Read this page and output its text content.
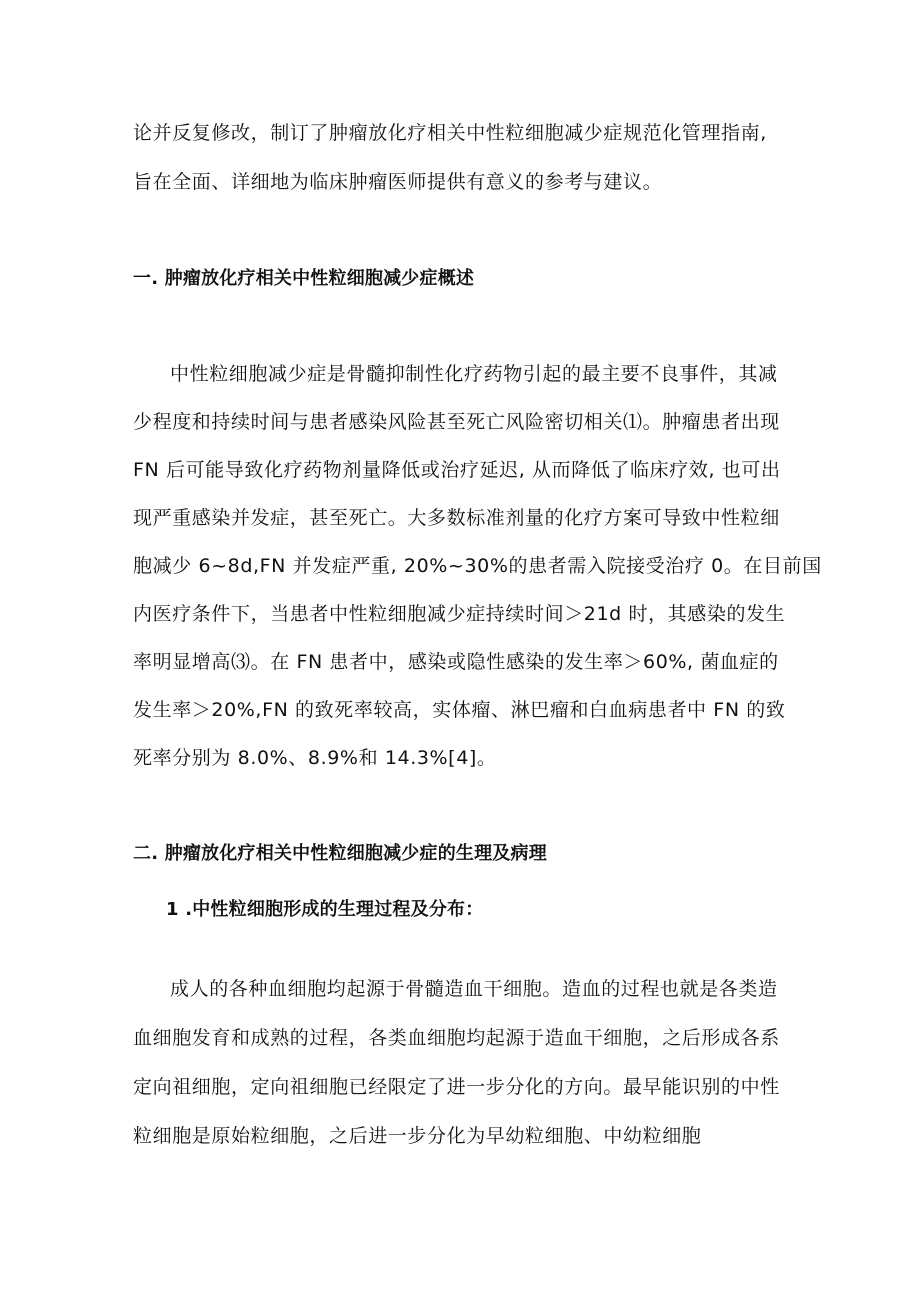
论并反复修改，制订了肿瘤放化疗相关中性粒细胞减少症规范化管理指南,
旨在全面、详细地为临床肿瘤医师提供有意义的参考与建议。
一. 肿瘤放化疗相关中性粒细胞减少症概述
中性粒细胞减少症是骨髓抑制性化疗药物引起的最主要不良事件，其减
少程度和持续时间与患者感染风险甚至死亡风险密切相关⑴。肿瘤患者出现
FN 后可能导致化疗药物剂量降低或治疗延迟, 从而降低了临床疗效, 也可出
现严重感染并发症，甚至死亡。大多数标准剂量的化疗方案可导致中性粒细
胞减少 6~8d,FN 并发症严重, 20%~30%的患者需入院接受治疗 0。在目前国
内医疗条件下，当患者中性粒细胞减少症持续时间＞21d 时，其感染的发生
率明显增高⑶。在 FN 患者中，感染或隐性感染的发生率＞60%, 菌血症的
发生率＞20%,FN 的致死率较高，实体瘤、淋巴瘤和白血病患者中 FN 的致
死率分别为 8.0%、8.9%和 14.3%[4]。
二. 肿瘤放化疗相关中性粒细胞减少症的生理及病理
1 .中性粒细胞形成的生理过程及分布：
成人的各种血细胞均起源于骨髓造血干细胞。造血的过程也就是各类造
血细胞发育和成熟的过程，各类血细胞均起源于造血干细胞，之后形成各系
定向祖细胞，定向祖细胞已经限定了进一步分化的方向。最早能识别的中性
粒细胞是原始粒细胞，之后进一步分化为早幼粒细胞、中幼粒细胞
